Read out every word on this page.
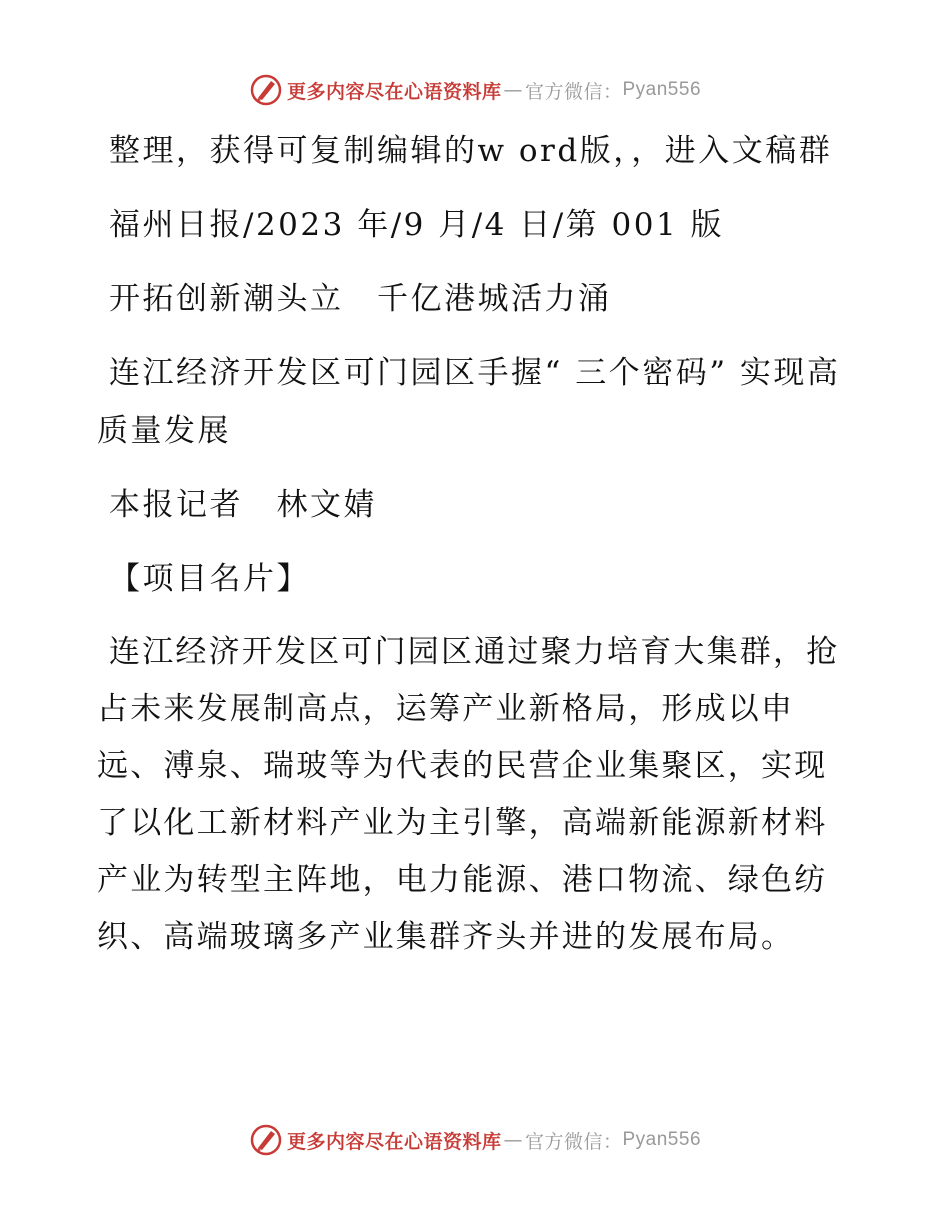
更多内容尽在心语资料库 — 官方微信： Pyan556

整理，获得可复制编辑的w ord版，，进入文稿群

福州日报/2023 年/9 月/4 日/第 001 版

开拓创新潮头立　千亿港城活力涌

连江经济开发区可门园区手握“ 三个密码” 实现高质量发展

本报记者　林文婧

【项目名片】

连江经济开发区可门园区通过聚力培育大集群，抢占未来发展制高点，运筹产业新格局，形成以申远、溥泉、瑞玻等为代表的民营企业集聚区，实现了以化工新材料产业为主引擎，高端新能源新材料产业为转型主阵地，电力能源、港口物流、绿色纺织、高端玻璃多产业集群齐头并进的发展布局。

更多内容尽在心语资料库 — 官方微信： Pyan556
